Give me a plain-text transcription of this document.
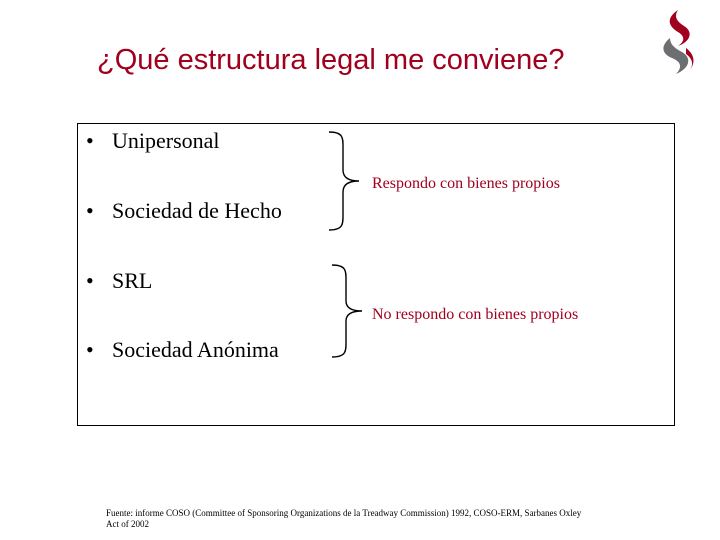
¿Qué estructura legal me conviene?
• Unipersonal
• Sociedad de Hecho
• SRL
• Sociedad Anónima
Respondo con bienes propios
No respondo con bienes propios
Fuente: informe COSO (Committee of Sponsoring Organizations de la Treadway Commission) 1992, COSO-ERM, Sarbanes Oxley Act of 2002
